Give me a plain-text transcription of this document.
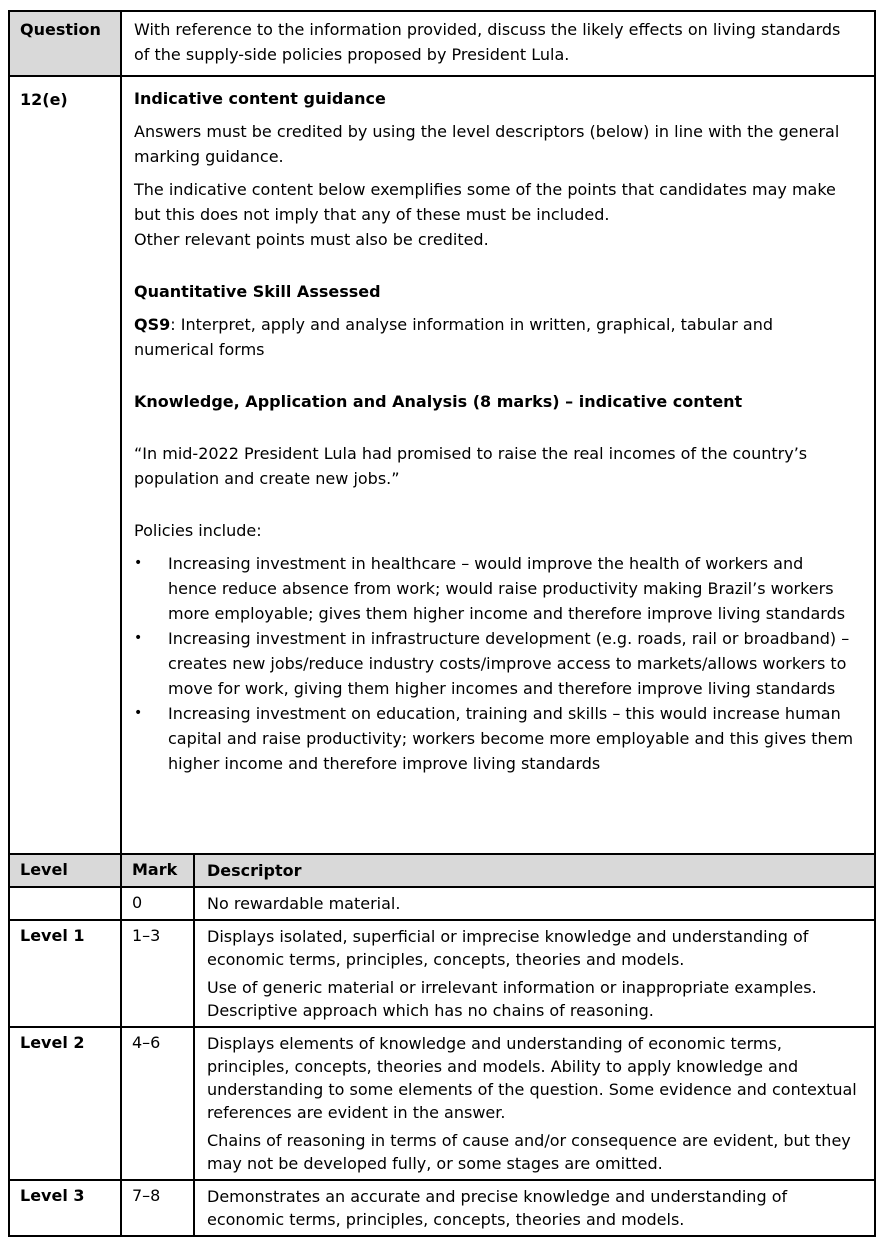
Question	With reference to the information provided, discuss the likely effects on living standards of the supply-side policies proposed by President Lula.
12(e)	Indicative content guidance

Answers must be credited by using the level descriptors (below) in line with the general marking guidance.

The indicative content below exemplifies some of the points that candidates may make but this does not imply that any of these must be included.
Other relevant points must also be credited.

Quantitative Skill Assessed

QS9: Interpret, apply and analyse information in written, graphical, tabular and numerical forms

Knowledge, Application and Analysis (8 marks) – indicative content

“In mid-2022 President Lula had promised to raise the real incomes of the country’s population and create new jobs.”

Policies include:

• Increasing investment in healthcare – would improve the health of workers and hence reduce absence from work; would raise productivity making Brazil’s workers more employable; gives them higher income and therefore improve living standards
• Increasing investment in infrastructure development (e.g. roads, rail or broadband) – creates new jobs/reduce industry costs/improve access to markets/allows workers to move for work, giving them higher incomes and therefore improve living standards
• Increasing investment on education, training and skills – this would increase human capital and raise productivity; workers become more employable and this gives them higher income and therefore improve living standards
Level	Mark	Descriptor
	0	No rewardable material.

Level 1	1–3	Displays isolated, superficial or imprecise knowledge and understanding of economic terms, principles, concepts, theories and models.

Use of generic material or irrelevant information or inappropriate examples. Descriptive approach which has no chains of reasoning.

Level 2	4–6	Displays elements of knowledge and understanding of economic terms, principles, concepts, theories and models. Ability to apply knowledge and understanding to some elements of the question. Some evidence and contextual references are evident in the answer.

Chains of reasoning in terms of cause and/or consequence are evident, but they may not be developed fully, or some stages are omitted.

Level 3	7–8	Demonstrates an accurate and precise knowledge and understanding of economic terms, principles, concepts, theories and models.
